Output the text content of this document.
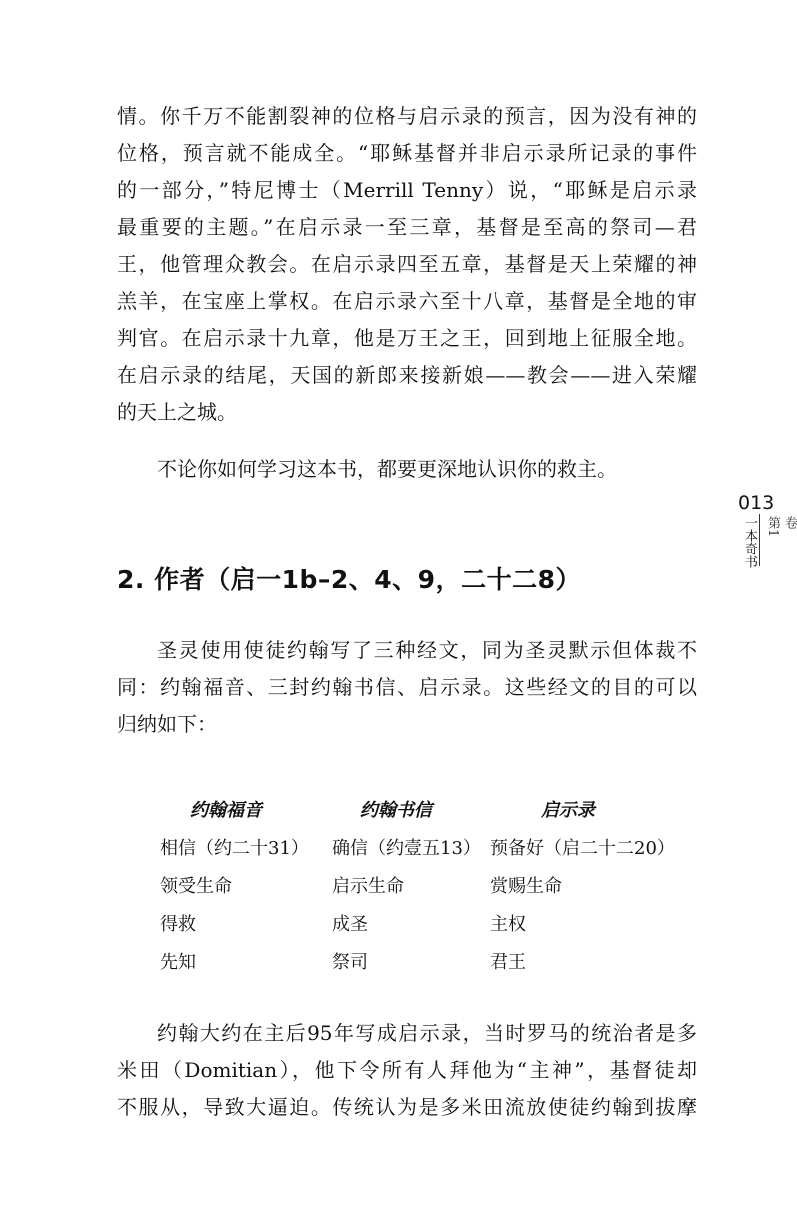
情。你千万不能割裂神的位格与启示录的预言，因为没有神的
位格，预言就不能成全。“耶稣基督并非启示录所记录的事件
的一部分，”特尼博士（Merrill Tenny）说，“耶稣是启示录
最重要的主题。”在启示录一至三章，基督是至高的祭司—君
王，他管理众教会。在启示录四至五章，基督是天上荣耀的神
羔羊，在宝座上掌权。在启示录六至十八章，基督是全地的审
判官。在启示录十九章，他是万王之王，回到地上征服全地。
在启示录的结尾，天国的新郎来接新娘——教会——进入荣耀
的天上之城。
不论你如何学习这本书，都要更深地认识你的救主。
013
一本奇书 第1 卷
2. 作者（启一1b–2、4、9，二十二8）
圣灵使用使徒约翰写了三种经文，同为圣灵默示但体裁不
同：约翰福音、三封约翰书信、启示录。这些经文的目的可以
归纳如下：
约翰福音	约翰书信	启示录
相信（约二十31）	确信（约壹五13） 预备好（启二十二20）
领受生命	启示生命	赏赐生命
得救	成圣	主权
先知	祭司	君王
约翰大约在主后95年写成启示录，当时罗马的统治者是多
米田（Domitian），他下令所有人拜他为“主神”，基督徒却
不服从，导致大逼迫。传统认为是多米田流放使徒约翰到拔摩
